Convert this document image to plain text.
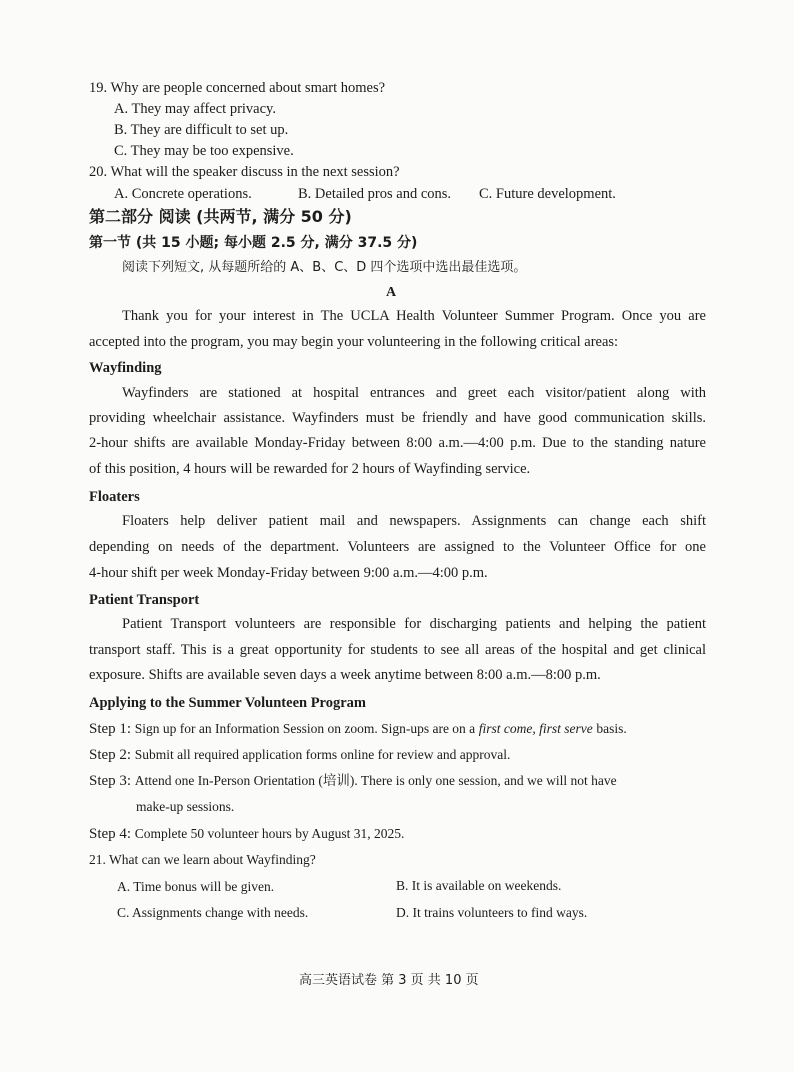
19. Why are people concerned about smart homes?
A. They may affect privacy.
B. They are difficult to set up.
C. They may be too expensive.
20. What will the speaker discuss in the next session?
A. Concrete operations.	B. Detailed pros and cons. C. Future development.
第二部分 阅读 (共两节, 满分 50 分)
第一节 (共 15 小题; 每小题 2.5 分, 满分 37.5 分)
阅读下列短文, 从每题所给的 A、B、C、D 四个选项中选出最佳选项。
A
Thank you for your interest in The UCLA Health Volunteer Summer Program. Once you are
accepted into the program, you may begin your volunteering in the following critical areas:
Wayfinding
Wayfinders are stationed at hospital entrances and greet each visitor/patient along with
providing wheelchair assistance. Wayfinders must be friendly and have good communication skills.
2-hour shifts are available Monday-Friday between 8:00 a.m.—4:00 p.m. Due to the standing nature
of this position, 4 hours will be rewarded for 2 hours of Wayfinding service.
Floaters
Floaters help deliver patient mail and newspapers. Assignments can change each shift
depending on needs of the department. Volunteers are assigned to the Volunteer Office for one
4-hour shift per week Monday-Friday between 9:00 a.m.—4:00 p.m.
Patient Transport
Patient Transport volunteers are responsible for discharging patients and helping the patient
transport staff. This is a great opportunity for students to see all areas of the hospital and get clinical
exposure. Shifts are available seven days a week anytime between 8:00 a.m.—8:00 p.m.
Applying to the Summer Volunteen Program
Step 1: Sign up for an Information Session on zoom. Sign-ups are on a first come, first serve basis.
Step 2: Submit all required application forms online for review and approval.
Step 3: Attend one In-Person Orientation (培训). There is only one session, and we will not have
make-up sessions.
Step 4: Complete 50 volunteer hours by August 31, 2025.
21. What can we learn about Wayfinding?
A. Time bonus will be given.	B. It is available on weekends.
C. Assignments change with needs.	D. It trains volunteers to find ways.
高三英语试卷 第 3 页 共 10 页
